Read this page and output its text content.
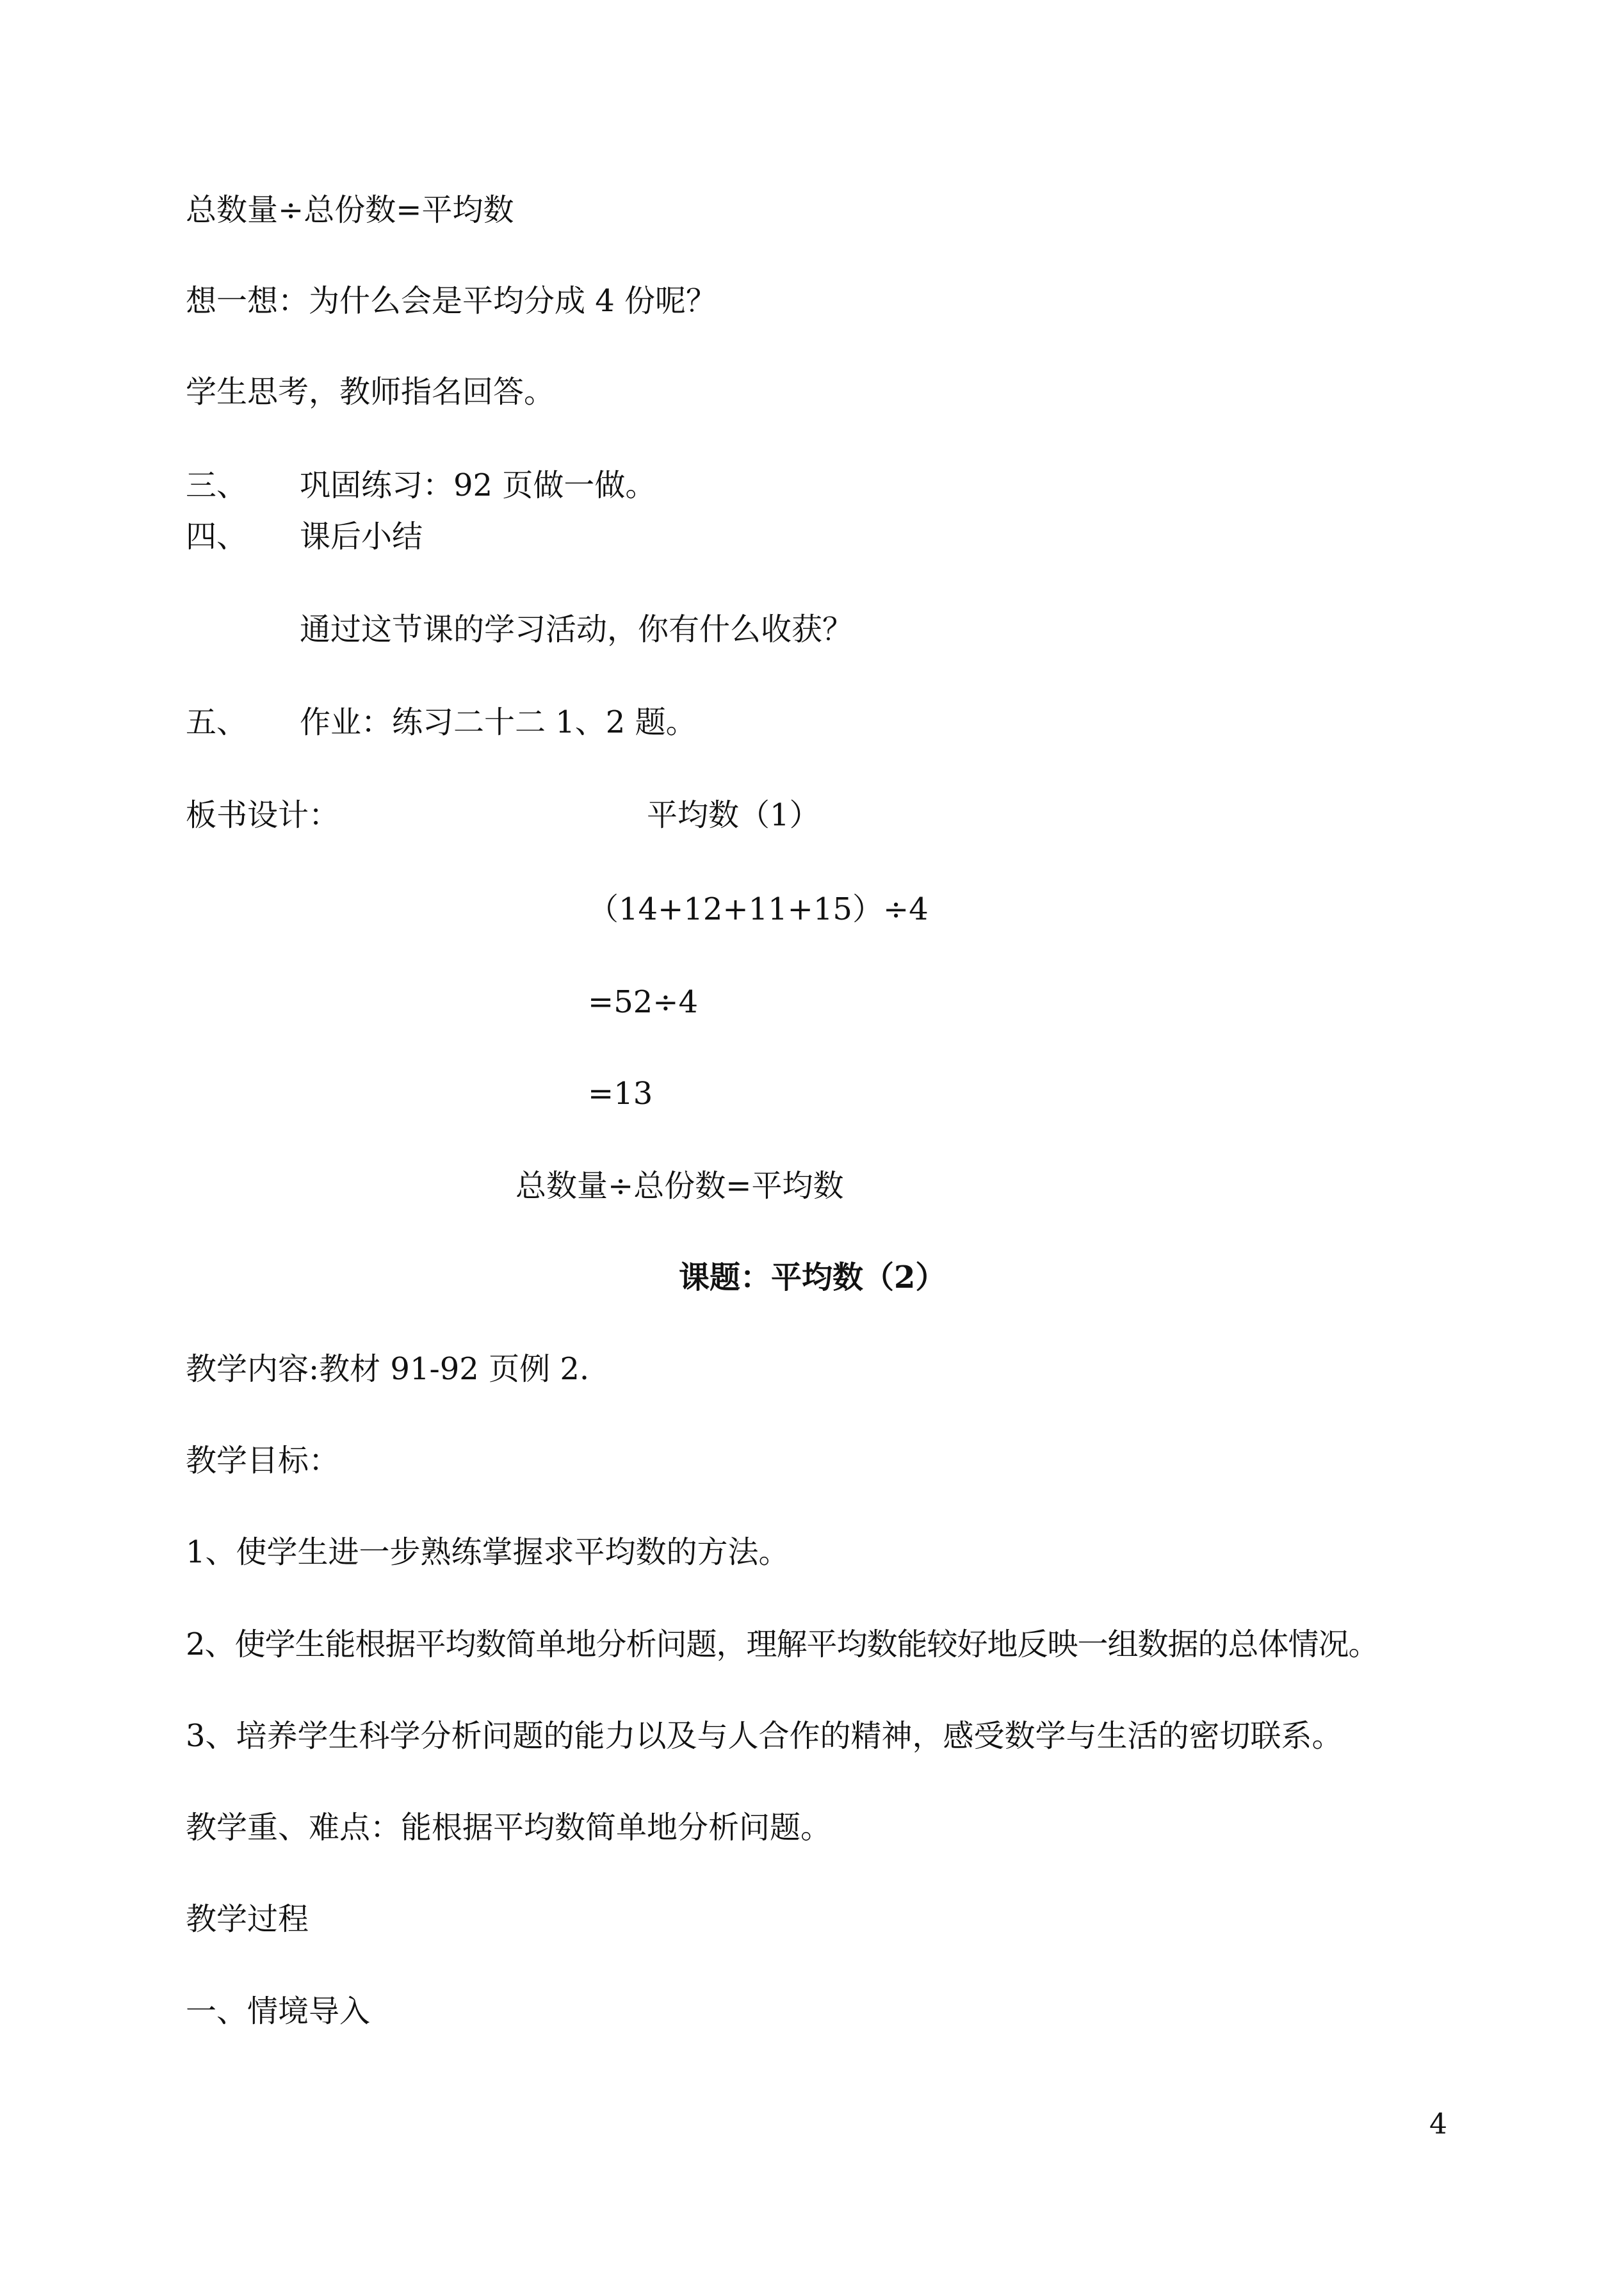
总数量÷总份数=平均数
想一想：为什么会是平均分成 4 份呢？
学生思考，教师指名回答。
三、 巩固练习：92 页做一做。
四、 课后小结
通过这节课的学习活动，你有什么收获？
五、 作业：练习二十二 1、2 题。
板书设计：	平均数（1）
（14+12+11+15）÷4
=52÷4
=13
总数量÷总份数=平均数
课题：平均数（2）
教学内容:教材 91-92 页例 2.
教学目标：
1、使学生进一步熟练掌握求平均数的方法。
2、使学生能根据平均数简单地分析问题，理解平均数能较好地反映一组数据的总体情况。
3、培养学生科学分析问题的能力以及与人合作的精神，感受数学与生活的密切联系。
教学重、难点：能根据平均数简单地分析问题。
教学过程
一、情境导入
4
